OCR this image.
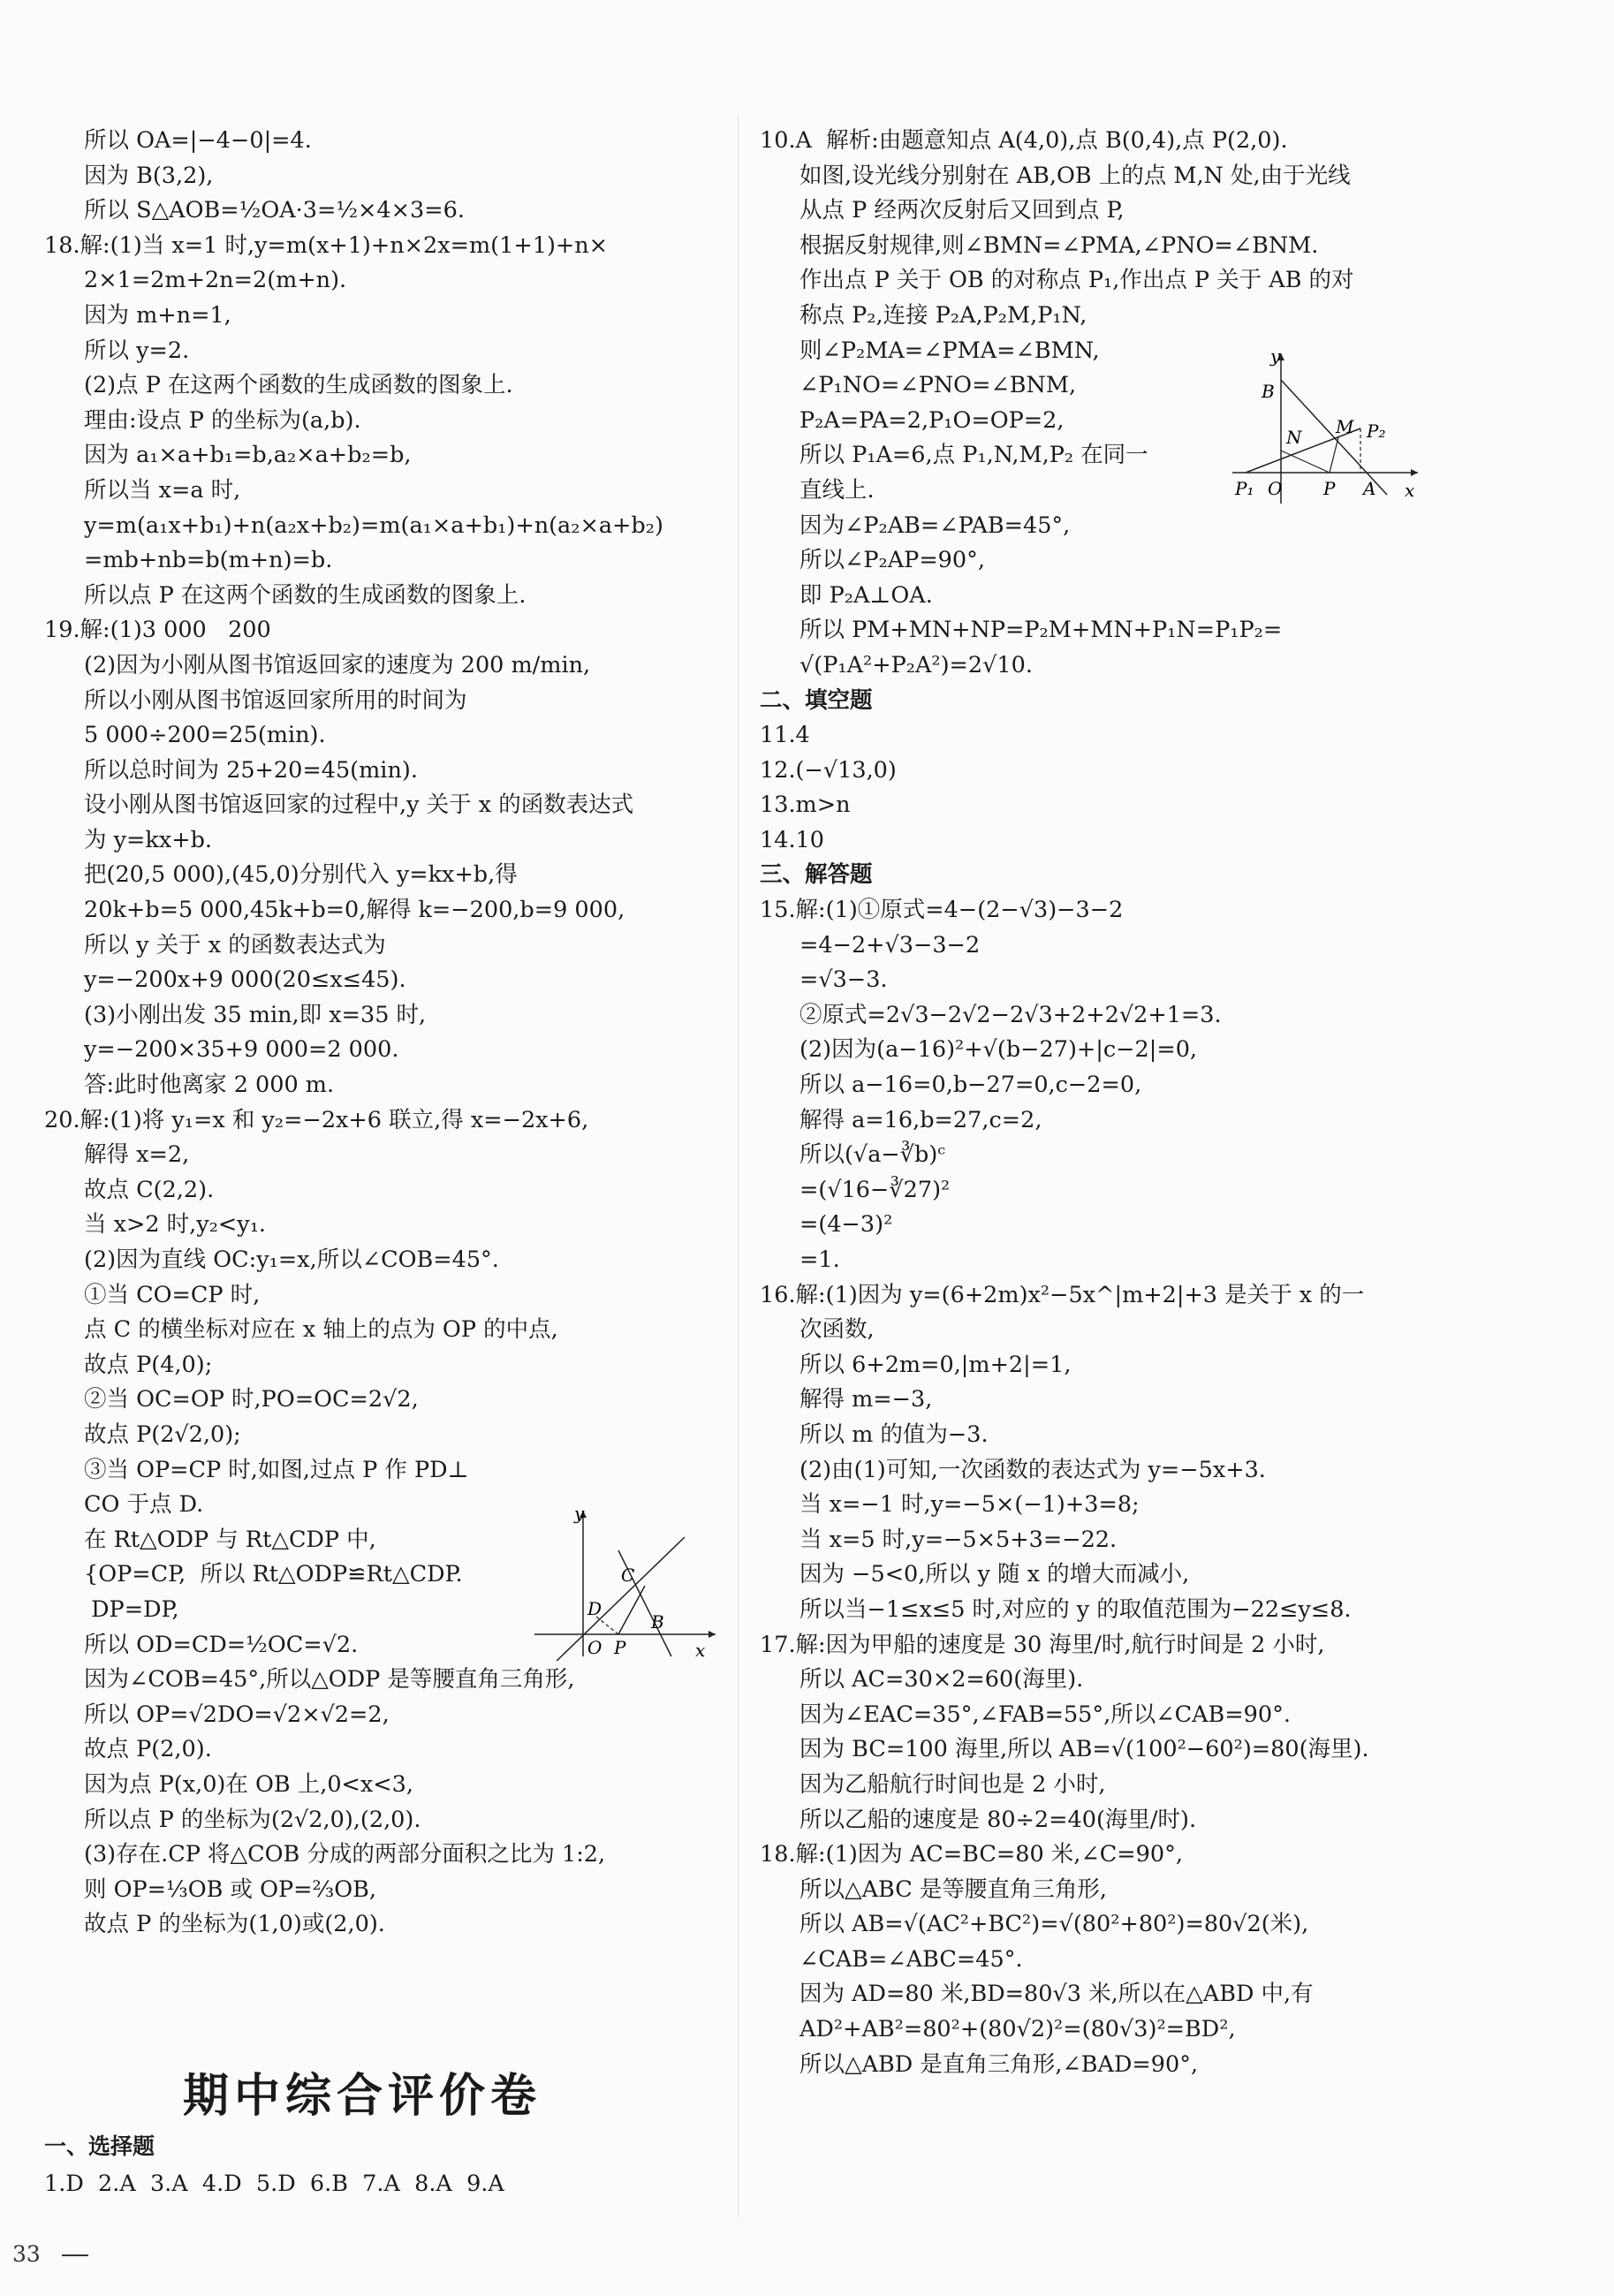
所以 OA=|−4−0|=4.
因为 B(3,2),
所以 S△AOB=½OA·3=½×4×3=6.
18.解:(1)当 x=1 时,y=m(x+1)+n×2x=m(1+1)+n×
2×1=2m+2n=2(m+n).
因为 m+n=1,
所以 y=2.
(2)点 P 在这两个函数的生成函数的图象上.
理由:设点 P 的坐标为(a,b).
因为 a₁×a+b₁=b,a₂×a+b₂=b,
所以当 x=a 时,
y=m(a₁x+b₁)+n(a₂x+b₂)=m(a₁×a+b₁)+n(a₂×a+b₂)
=mb+nb=b(m+n)=b.
所以点 P 在这两个函数的生成函数的图象上.
19.解:(1)3 000   200
(2)因为小刚从图书馆返回家的速度为 200 m/min,
所以小刚从图书馆返回家所用的时间为
5 000÷200=25(min).
所以总时间为 25+20=45(min).
设小刚从图书馆返回家的过程中,y 关于 x 的函数表达式
为 y=kx+b.
把(20,5 000),(45,0)分别代入 y=kx+b,得
20k+b=5 000,45k+b=0,解得 k=−200,b=9 000,
所以 y 关于 x 的函数表达式为
y=−200x+9 000(20≤x≤45).
(3)小刚出发 35 min,即 x=35 时,
y=−200×35+9 000=2 000.
答:此时他离家 2 000 m.
20.解:(1)将 y₁=x 和 y₂=−2x+6 联立,得 x=−2x+6,
解得 x=2,
故点 C(2,2).
当 x>2 时,y₂<y₁.
(2)因为直线 OC:y₁=x,所以∠COB=45°.
①当 CO=CP 时,
点 C 的横坐标对应在 x 轴上的点为 OP 的中点,
故点 P(4,0);
②当 OC=OP 时,PO=OC=2√2,
故点 P(2√2,0);
③当 OP=CP 时,如图,过点 P 作 PD⊥
CO 于点 D.
在 Rt△ODP 与 Rt△CDP 中,
{OP=CP,  所以 Rt△ODP≌Rt△CDP.
DP=DP,
所以 OD=CD=½OC=√2.
因为∠COB=45°,所以△ODP 是等腰直角三角形,
所以 OP=√2DO=√2×√2=2,
故点 P(2,0).
因为点 P(x,0)在 OB 上,0<x<3,
所以点 P 的坐标为(2√2,0),(2,0).
(3)存在.CP 将△COB 分成的两部分面积之比为 1:2,
则 OP=⅓OB 或 OP=⅔OB,
故点 P 的坐标为(1,0)或(2,0).
10.A  解析:由题意知点 A(4,0),点 B(0,4),点 P(2,0).
如图,设光线分别射在 AB,OB 上的点 M,N 处,由于光线
从点 P 经两次反射后又回到点 P,
根据反射规律,则∠BMN=∠PMA,∠PNO=∠BNM.
作出点 P 关于 OB 的对称点 P₁,作出点 P 关于 AB 的对
称点 P₂,连接 P₂A,P₂M,P₁N,
则∠P₂MA=∠PMA=∠BMN,
∠P₁NO=∠PNO=∠BNM,
P₂A=PA=2,P₁O=OP=2,
所以 P₁A=6,点 P₁,N,M,P₂ 在同一
直线上.
因为∠P₂AB=∠PAB=45°,
所以∠P₂AP=90°,
即 P₂A⊥OA.
所以 PM+MN+NP=P₂M+MN+P₁N=P₁P₂=
√(P₁A²+P₂A²)=2√10.
二、填空题
11.4
12.(−√13,0)
13.m>n
14.10
三、解答题
15.解:(1)①原式=4−(2−√3)−3−2
=4−2+√3−3−2
=√3−3.
②原式=2√3−2√2−2√3+2+2√2+1=3.
(2)因为(a−16)²+√(b−27)+|c−2|=0,
所以 a−16=0,b−27=0,c−2=0,
解得 a=16,b=27,c=2,
所以(√a−∛b)ᶜ
=(√16−∛27)²
=(4−3)²
=1.
16.解:(1)因为 y=(6+2m)x²−5x^|m+2|+3 是关于 x 的一
次函数,
所以 6+2m=0,|m+2|=1,
解得 m=−3,
所以 m 的值为−3.
(2)由(1)可知,一次函数的表达式为 y=−5x+3.
当 x=−1 时,y=−5×(−1)+3=8;
当 x=5 时,y=−5×5+3=−22.
因为 −5<0,所以 y 随 x 的增大而减小,
所以当−1≤x≤5 时,对应的 y 的取值范围为−22≤y≤8.
17.解:因为甲船的速度是 30 海里/时,航行时间是 2 小时,
所以 AC=30×2=60(海里).
因为∠EAC=35°,∠FAB=55°,所以∠CAB=90°.
因为 BC=100 海里,所以 AB=√(100²−60²)=80(海里).
因为乙船航行时间也是 2 小时,
所以乙船的速度是 80÷2=40(海里/时).
18.解:(1)因为 AC=BC=80 米,∠C=90°,
所以△ABC 是等腰直角三角形,
所以 AB=√(AC²+BC²)=√(80²+80²)=80√2(米),
∠CAB=∠ABC=45°.
因为 AD=80 米,BD=80√3 米,所以在△ABD 中,有
AD²+AB²=80²+(80√2)²=(80√3)²=BD²,
所以△ABD 是直角三角形,∠BAD=90°,
y
x
C
D
B
O P
y
x
B
N M P₂
P₁ O P A
期中综合评价卷
一、选择题
1.D  2.A  3.A  4.D  5.D  6.B  7.A  8.A  9.A
33
